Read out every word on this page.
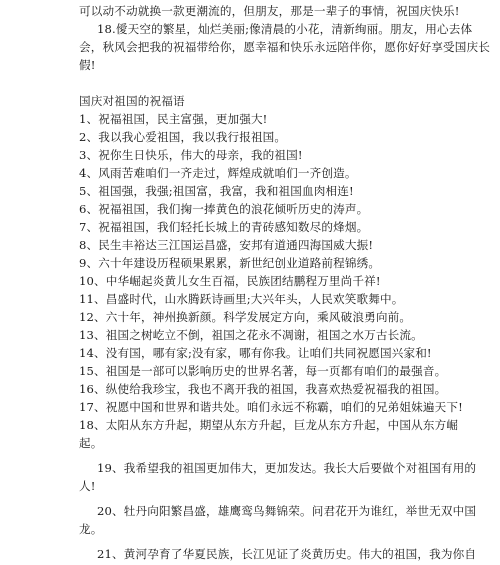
可以动不动就换一款更潮流的，但朋友，那是一辈子的事情，祝国庆快乐!
18.僾天空的繁星，灿烂美丽;像清晨的小花，清新绚丽。朋友，用心去体
会，秋风会把我的祝福带给你，愿幸福和快乐永远陪伴你，愿你好好享受国庆长
假!
国庆对祖国的祝福语
1、祝福祖国，民主富强，更加强大!
2、我以我心爱祖国，我以我行报祖国。
3、祝你生日快乐，伟大的母亲，我的祖国!
4、风雨苦难咱们一齐走过，辉煌成就咱们一齐创造。
5、祖国强，我强;祖国富，我富，我和祖国血肉相连!
6、祝福祖国，我们掬一捧黄色的浪花倾听历史的涛声。
7、祝福祖国，我们轻托长城上的青砖感知数尽的烽烟。
8、民生丰裕达三江国运昌盛，安邦有道通四海国威大振!
9、六十年建设历程硕果累累，新世纪创业道路前程锦绣。
10、中华崛起炎黄儿女生百福，民族团结鹏程万里尚千祥!
11、昌盛时代，山水腾跃诗画里;大兴年头，人民欢笑歌舞中。
12、六十年，神州换新颜。科学发展定方向，乘风破浪勇向前。
13、祖国之树屹立不倒，祖国之花永不凋谢，祖国之水万古长流。
14、没有国，哪有家;没有家，哪有你我。让咱们共同祝愿国兴家和!
15、祖国是一部可以影响历史的世界名著，每一页都有咱们的最强音。
16、纵使给我珍宝，我也不离开我的祖国，我喜欢热爱祝福我的祖国。
17、祝愿中国和世界和谐共处。咱们永远不称霸，咱们的兄弟姐妹遍天下!
18、太阳从东方升起，期望从东方升起，巨龙从东方升起，中国从东方崛
起。
19、我希望我的祖国更加伟大，更加发达。我长大后要做个对祖国有用的
人!
20、牡丹向阳繁昌盛，雄鹰鸾鸟舞锦荣。问君花开为谁红，举世无双中国
龙。
21、黄河孕育了华夏民族，长江见证了炎黄历史。伟大的祖国，我为你自
